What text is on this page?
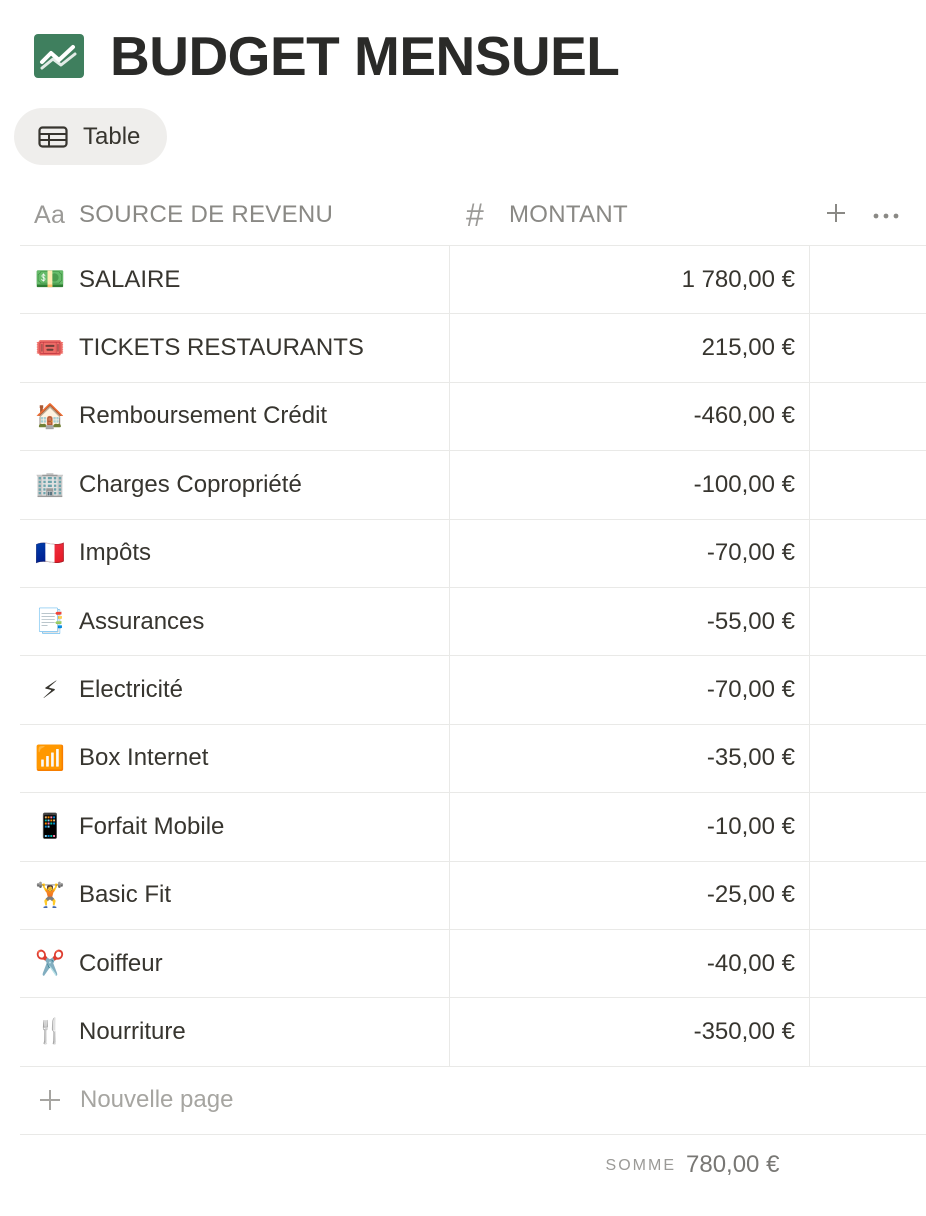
BUDGET MENSUEL
Table
Aa SOURCE DE REVENU	#	MONTANT
💵 SALAIRE	1 780,00 €
🎟️ TICKETS RESTAURANTS	215,00 €
🏠 Remboursement Crédit	-460,00 €
🏢 Charges Copropriété	-100,00 €
🇫🇷 Impôts	-70,00 €
📑 Assurances	-55,00 €
⚡ Electricité	-70,00 €
📶 Box Internet	-35,00 €
📱 Forfait Mobile	-10,00 €
🏋️ Basic Fit	-25,00 €
✂️ Coiffeur	-40,00 €
🍴 Nourriture	-350,00 €
Nouvelle page
SOMME 780,00 €
